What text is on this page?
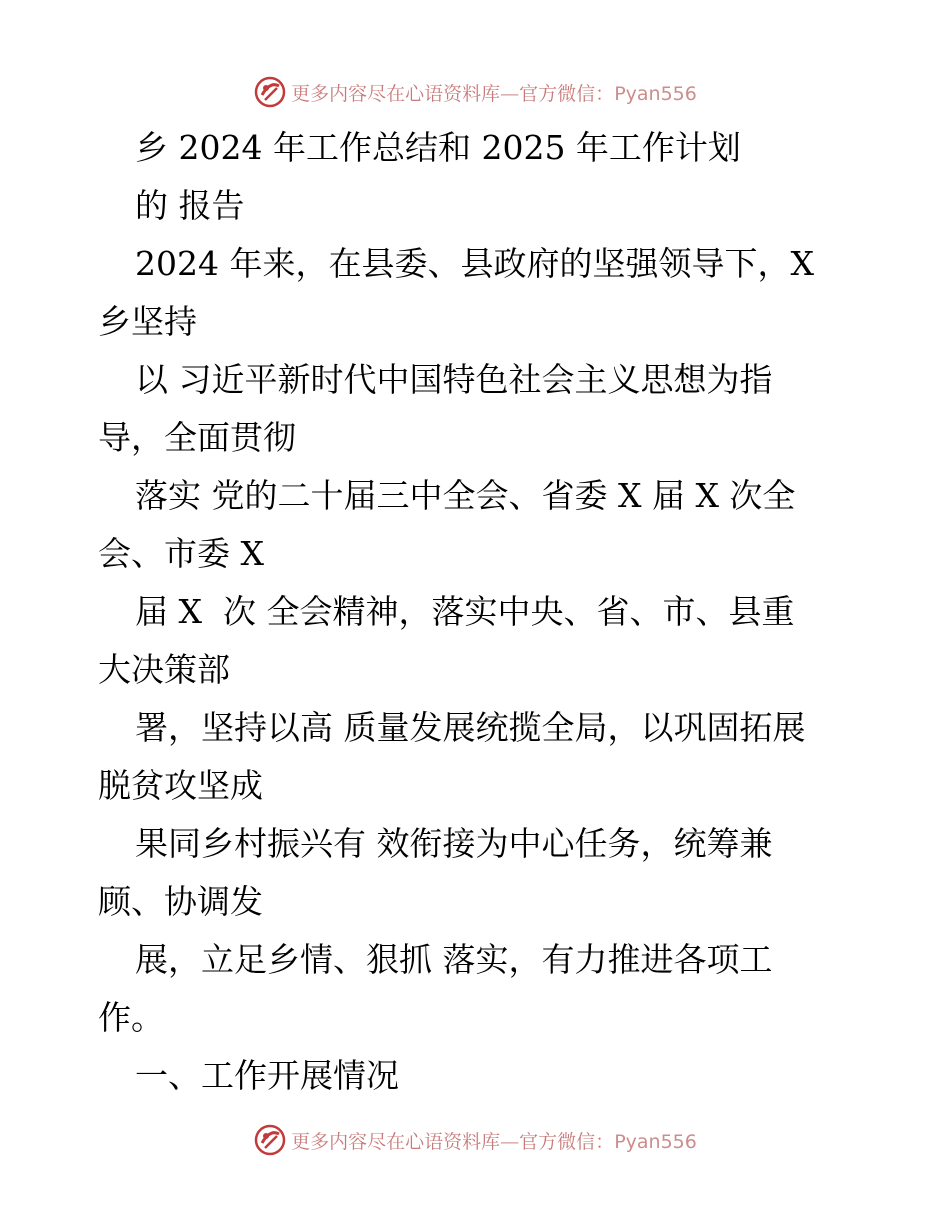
更多内容尽在心语资料库—官方微信：Pyan556
乡 2024 年工作总结和 2025 年工作计划
的 报告
2024 年来，在县委、县政府的坚强领导下，X
乡坚持
以 习近平新时代中国特色社会主义思想为指
导，全面贯彻
落实 党的二十届三中全会、省委 X 届 X 次全
会、市委 X
届 X  次 全会精神，落实中央、省、市、县重
大决策部
署，坚持以高 质量发展统揽全局，以巩固拓展
脱贫攻坚成
果同乡村振兴有 效衔接为中心任务，统筹兼
顾、协调发
展，立足乡情、狠抓 落实，有力推进各项工
作。
一、工作开展情况
更多内容尽在心语资料库—官方微信：Pyan556
